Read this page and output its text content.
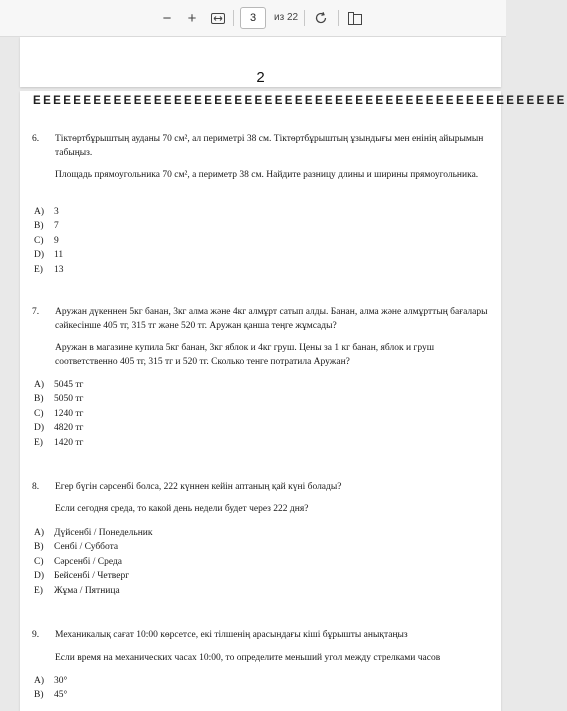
−	+
3	из 22
2
EEEEEEEEEEEEEEEEEEEEEEEEEEEEEEEEEEEEEEEEEEEEEEEEEEEEE
6. Тіктөртбұрыштың ауданы 70 см², ал периметрі 38 см. Тіктөртбұрыштың ұзындығы мен енінің айырымын табыңыз.
Площадь прямоугольника 70 см², а периметр 38 см. Найдите разницу длины и ширины прямоугольника.
A) 3
B) 7
C) 9
D) 11
E) 13
7. Аружан дүкеннен 5кг банан, 3кг алма және 4кг алмұрт сатып алды. Банан, алма және алмұрттың бағалары сәйкесінше 405 тг, 315 тг және 520 тг. Аружан қанша теңге жұмсады?
Аружан в магазине купила 5кг банан, 3кг яблок и 4кг груш. Цены за 1 кг банан, яблок и груш соответственно 405 тг, 315 тг и 520 тг. Сколько тенге потратила Аружан?
A) 5045 тг
B) 5050 тг
C) 1240 тг
D) 4820 тг
E) 1420 тг
8. Егер бүгін сәрсенбі болса, 222 күннен кейін аптаның қай күні болады?
Если сегодня среда, то какой день недели будет через 222 дня?
A) Дүйсенбі / Понедельник
B) Сенбі / Суббота
C) Сәрсенбі / Среда
D) Бейсенбі / Четверг
E) Жұма / Пятница
9. Механикалық сағат 10:00 көрсетсе, екі тілшенің арасындағы кіші бұрышты анықтаңыз
Если время на механических часах 10:00, то определите меньший угол между стрелками часов
A) 30°
B) 45°
